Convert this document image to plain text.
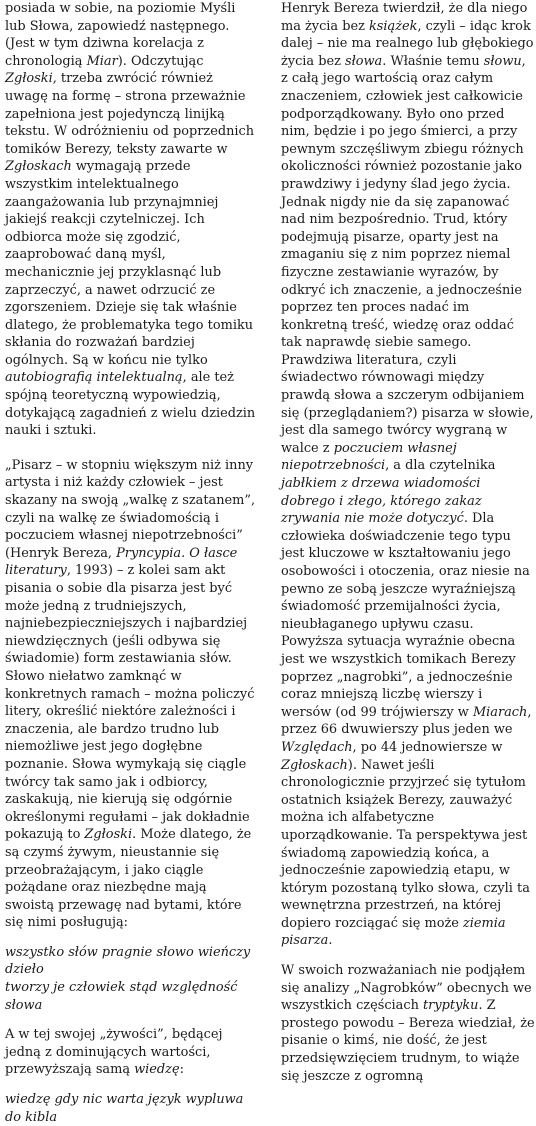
posiada w sobie, na poziomie Myśli lub Słowa, zapowiedź następnego. (Jest w tym dziwna korelacja z chronologią Miar). Odczytując Zgłoski, trzeba zwrócić również uwagę na formę – strona przeważnie zapełniona jest pojedynczą linijką tekstu. W odróżnieniu od poprzednich tomików Berezy, teksty zawarte w Zgłoskach wymagają przede wszystkim intelektualnego zaangażowania lub przynajmniej jakiejś reakcji czytelniczej. Ich odbiorca może się zgodzić, zaaprobować daną myśl, mechanicznie jej przyklasnąć lub zaprzeczyć, a nawet odrzucić ze zgorszeniem. Dzieje się tak właśnie dlatego, że problematyka tego tomiku skłania do rozważań bardziej ogólnych. Są w końcu nie tylko autobiografią intelektualną, ale też spójną teoretyczną wypowiedzią, dotykającą zagadnień z wielu dziedzin nauki i sztuki.

„Pisarz – w stopniu większym niż inny artysta i niż każdy człowiek – jest skazany na swoją „walkę z szatanem”, czyli na walkę ze świadomością i poczuciem własnej niepotrzebności” (Henryk Bereza, Pryncypia. O łasce literatury, 1993) – z kolei sam akt pisania o sobie dla pisarza jest być może jedną z trudniejszych, najniebezpieczniejszych i najbardziej niewdzięcznych (jeśli odbywa się świadomie) form zestawiania słów. Słowo niełatwo zamknąć w konkretnych ramach – można policzyć litery, określić niektóre zależności i znaczenia, ale bardzo trudno lub niemożliwe jest jego dogłębne poznanie. Słowa wymykają się ciągle twórcy tak samo jak i odbiorcy, zaskakują, nie kierują się odgórnie określonymi regułami – jak dokładnie pokazują to Zgłoski. Może dlatego, że są czymś żywym, nieustannie się przeobrażającym, i jako ciągle pożądane oraz niezbędne mają swoistą przewagę nad bytami, które się nimi posługują:

wszystko słów pragnie słowo wieńczy dzieło
tworzy je człowiek stąd względność słowa

A w tej swojej „żywości”, będącej jedną z dominujących wartości, przewyższają samą wiedzę:

wiedzę gdy nic warta język wypluwa do kibla

Henryk Bereza twierdził, że dla niego ma życia bez książek, czyli – idąc krok dalej – nie ma realnego lub głębokiego życia bez słowa. Właśnie temu słowu, z całą jego wartością oraz całym znaczeniem, człowiek jest całkowicie podporządkowany. Było ono przed nim, będzie i po jego śmierci, a przy pewnym szczęśliwym zbiegu różnych okoliczności również pozostanie jako prawdziwy i jedyny ślad jego życia. Jednak nigdy nie da się zapanować nad nim bezpośrednio. Trud, który podejmują pisarze, oparty jest na zmaganiu się z nim poprzez niemal fizyczne zestawianie wyrazów, by odkryć ich znaczenie, a jednocześnie poprzez ten proces nadać im konkretną treść, wiedzę oraz oddać tak naprawdę siebie samego. Prawdziwa literatura, czyli świadectwo równowagi między prawdą słowa a szczerym odbijaniem się (przeglądaniem?) pisarza w słowie, jest dla samego twórcy wygraną w walce z poczuciem własnej niepotrzebności, a dla czytelnika jabłkiem z drzewa wiadomości dobrego i złego, którego zakaz zrywania nie może dotyczyć. Dla człowieka doświadczenie tego typu jest kluczowe w kształtowaniu jego osobowości i otoczenia, oraz niesie na pewno ze sobą jeszcze wyraźniejszą świadomość przemijalności życia, nieubłaganego upływu czasu.

Powyższa sytuacja wyraźnie obecna jest we wszystkich tomikach Berezy poprzez „nagrobki”, a jednocześnie coraz mniejszą liczbę wierszy i wersów (od 99 trójwierszy w Miarach, przez 66 dwuwierszy plus jeden we Względach, po 44 jednowiersze w Zgłoskach). Nawet jeśli chronologicznie przyjrzeć się tytułom ostatnich książek Berezy, zauważyć można ich alfabetyczne uporządkowanie. Ta perspektywa jest świadomą zapowiedzią końca, a jednocześnie zapowiedzią etapu, w którym pozostaną tylko słowa, czyli ta wewnętrzna przestrzeń, na której dopiero rozciągać się może ziemia pisarza.

W swoich rozważaniach nie podjąłem się analizy „Nagrobków” obecnych we wszystkich częściach tryptyku. Z prostego powodu – Bereza wiedział, że pisanie o kimś, nie dość, że jest przedsięwzięciem trudnym, to wiąże się jeszcze z ogromną
